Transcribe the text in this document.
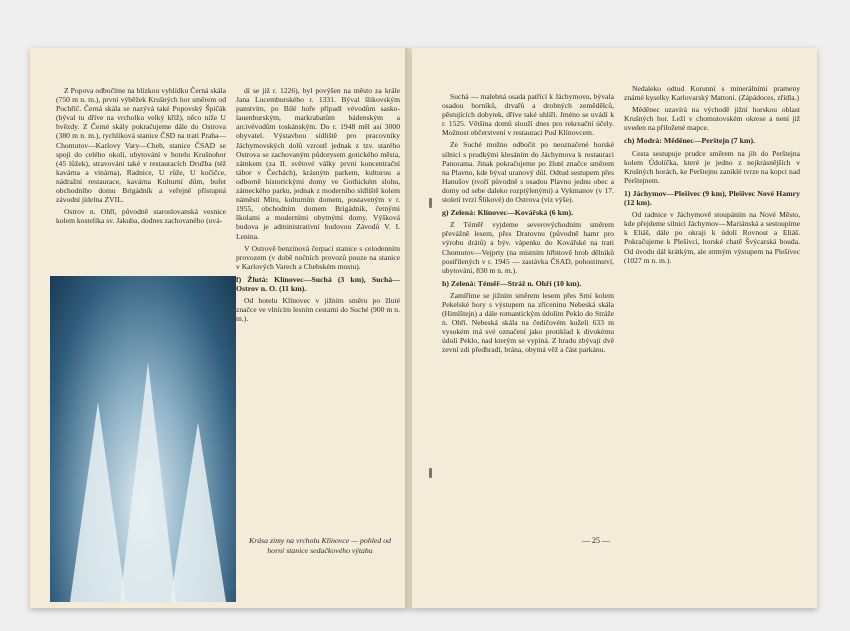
Z Popova odbočíme na blízkou vyhlídku Černá skála (750 m n. m.), první výběžek Krušných hor směrem od Pochříč. Černá skála se nazývá také Popovský Špičák (býval tu dříve na vrcholku velký kříž), něco níže U hvězdy. Z Černé skály pokračujeme dále do Ostrova (380 m n. m.), rychlíková stanice ČSD na trati Praha—Chomutov—Karlovy Vary—Cheb, stanice ČSAD se spoji do celého okolí, ubytování v hotelu Krušnohor (45 lůžek), stravování také v restauracích Družba (též kavárna a vinárna), Radnice, U růže, U kočičce, nádražní restaurace, kavárna Kulturní dům, bufet obchodního domu Brigádník a veřejně přístupná závodní jídelna ZVIL.

Ostrov n. Ohří, původně staroslovanská vesnice kolem kostelíka sv. Jakuba, dodnes zachovaného (uvá-

dí se již r. 1226), byl povýšen na město za krále Jana Lucemburského r. 1331. Býval šlikovským panstvím, po Bílé hoře připadl vévodům sasko-lauenburským, markrabatům bádenským a arcivévodům toskánským. Do r. 1948 měl asi 3000 obyvatel. Výstavbou sídliště pro pracovníky Jáchymovských dolů vzrostl jednak z tzv. starého Ostrova se zachovaným půdorysem gotického města, zámkem (za II. světové války první koncentrační tábor v Čechách), krásným parkem, kulturou a odborně historickými domy ve Gothickém slohu, zámeckého parku, jednak z moderního sídliště kolem náměstí Míru, kulturním domem, postaveným v r. 1955, obchodním domem Brigádník, četnými školami a moderními obytnými domy. Výšková budova je administrativní budovou Závodů V. I. Lenina.

V Ostrově benzínová čerpací stanice s celodenním provozem (v době nočních provozů pouze na stanice v Karlových Varech a Chebském mostu).

f) Žlutá: Klínovec—Suchá (3 km), Suchá—Ostrov n. O. (11 km).

Od hotelu Klínovec v jižním směru po žluté značce ve vlnícím lesním cestami do Suché (900 m n. m.).

Krása zimy na vrcholu Klínovce — pohled od horní stanice sedačkového výtahu

Suchá — malebná osada patřící k Jáchymovu, bývala osadou horníků, drvařů a drobných zemědělců, pěstujících dobytek, dříve také uhlíři. Jméno se uvádí k r. 1525. Většina domů slouží dnes pro rekreační účely. Možnost občerstvení v restauraci Pod Klínovcem.

Ze Suché možno odbočit po neoznačené horské silnici s prudkými klesáním do Jáchymova k restauraci Panorama. Jinak pokračujeme po žluté značce směrem na Plavno, kde býval uranový důl. Odtud sestupem přes Hanušov (tvoří původně s osadou Plavno jednu obec a domy od sebe daleko rozptýlenými) a Vykmanov (v 17. století tvrzí Šlikové) do Ostrova (viz výše).

g) Zelená: Klínovec—Kovářská (6 km).

Z Téměř vyjdeme severovýchodním směrem převážně lesem, přes Dratovnu (původně hamr pro výrobu drátů) a býv. vápenku do Kovářské na trati Chomutov—Vejprty (na místním hřbitově hrob dělníků postřílených v r. 1945 — zastávka ČSAD, pohostinství, ubytování, 830 m n. m.).

h) Zelená: Téměř—Stráž n. Ohří (10 km).

Zamíříme se jižním směrem lesem přes Srní kolem Pekelské hory s výstupem na zříceninu Nebeská skála (Himlštejn) a dále romantickým údolím Peklo do Stráže n. Ohří. Nebeská skála na čedičovém kuželi 633 m vysokém má své označení jako protiklad k divokému údolí Peklo, nad kterým se vypíná. Z hradu zbývají dvě zevní zdi předhradí, brána, obytná věž a část parkánu.

Nedaleko odtud Korunní s minerálními prameny známé kyselky Karlovarský Mattoni. (Zápádoces, zřídla.)

Měděnec uzavírá na východě jižní horskou oblast Krušných hor. Leží v chomutovském okrese a není již uveden na přiložené mapce.

ch) Modrá: Měděnec—Perštejn (7 km).

Cesta sestupuje prudce směrem na jih do Perštejna kolem Údolíčka, které je jedno z nejkrásnějších v Krušných horách, ke Perštejnu zaniklé tvrze na kopci nad Perštejnem.

1) Jáchymov—Plešivec (9 km), Plešivec Nové Hamry (12 km).

Od radnice v Jáchymově stoupáním na Nové Město, kde přejdeme silnici Jáchymov—Mariánská a sestoupíme k Eliáš, dále po okraji k údolí Rovnost a Eliáš. Pokračujeme k Plešivci, horské chatě Švýcarská bouda. Od úvodu dál krátkým, ale strmým výstupem na Plešivec (1027 m n. m.).

— 25 —
